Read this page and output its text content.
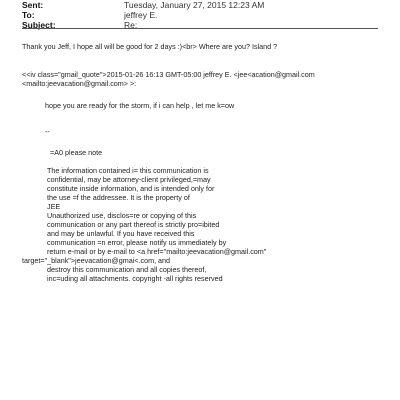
Sent:	Tuesday, January 27, 2015 12:23 AM
To:	jeffrey E.
Subject:	Re:
Thank you Jeff, I hope all will be good for 2 days :)<br> Where are you? Island ?
<<iv class="gmail_quote">2015-01-26 16:13 GMT-05:00 jeffrey E. <jee<acation@gmail.com
<mailto:jeevacation@gmail.com> >:
hope you are ready for the storm, if i can help , let me k=ow
--
=A0 please note
The information contained i= this communication is
confidential, may be attorney-client privileged,=may
constitute inside information, and is intended only for
the use =f the addressee. It is the property of
JEE
Unauthorized use, disclos=re or copying of this
communication or any part thereof is strictly pro=ibited
and may be unlawful. If you have received this
communication =n error, please notify us immediately by
return e-mail or by e-mail to <a href="mailto:jeevacation@gmail.com"
target="_blank">jeevacation@gmai<.com, and
destroy this communication and all copies thereof,
inc=uding all attachments. copyright -all rights reserved
